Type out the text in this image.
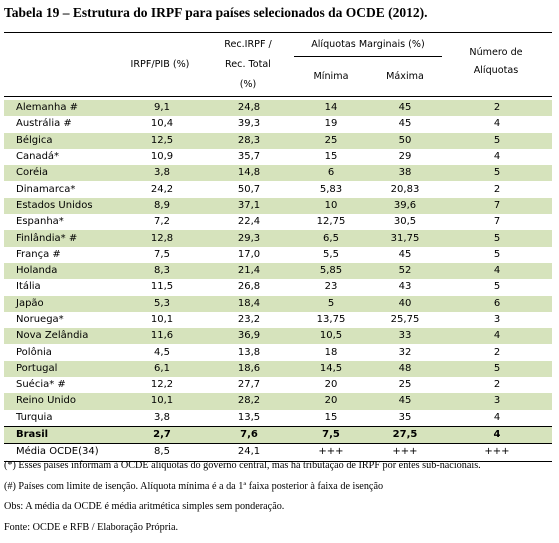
Tabela 19 – Estrutura do IRPF para países selecionados da OCDE (2012).
IRPF/PIB (%)
Rec.IRPF /
Rec. Total
(%)
Alíquotas Marginais (%)
Mínima	Máxima
Número de
Alíquotas
Alemanha #	9,1	24,8	14	45	2
Austrália #	10,4	39,3	19	45	4
Bélgica	12,5	28,3	25	50	5
Canadá*	10,9	35,7	15	29	4
Coréia	3,8	14,8	6	38	5
Dinamarca*	24,2	50,7	5,83	20,83	2
Estados Unidos	8,9	37,1	10	39,6	7
Espanha*	7,2	22,4	12,75	30,5	7
Finlândia* #	12,8	29,3	6,5	31,75	5
França #	7,5	17,0	5,5	45	5
Holanda	8,3	21,4	5,85	52	4
Itália	11,5	26,8	23	43	5
Japão	5,3	18,4	5	40	6
Noruega*	10,1	23,2	13,75	25,75	3
Nova Zelândia	11,6	36,9	10,5	33	4
Polônia	4,5	13,8	18	32	2
Portugal	6,1	18,6	14,5	48	5
Suécia* #	12,2	27,7	20	25	2
Reino Unido	10,1	28,2	20	45	3
Turquia	3,8	13,5	15	35	4
Brasil	2,7	7,6	7,5	27,5	4
Média OCDE(34)	8,5	24,1	+++	+++	+++
(*) Esses países informam à OCDE alíquotas do governo central, mas há tributação de IRPF por entes sub-nacionais.
(#) Países com limite de isenção. Alíquota mínima é a da 1ª faixa posterior à faixa de isenção
Obs: A média da OCDE é média aritmética simples sem ponderação.
Fonte: OCDE e RFB / Elaboração Própria.
